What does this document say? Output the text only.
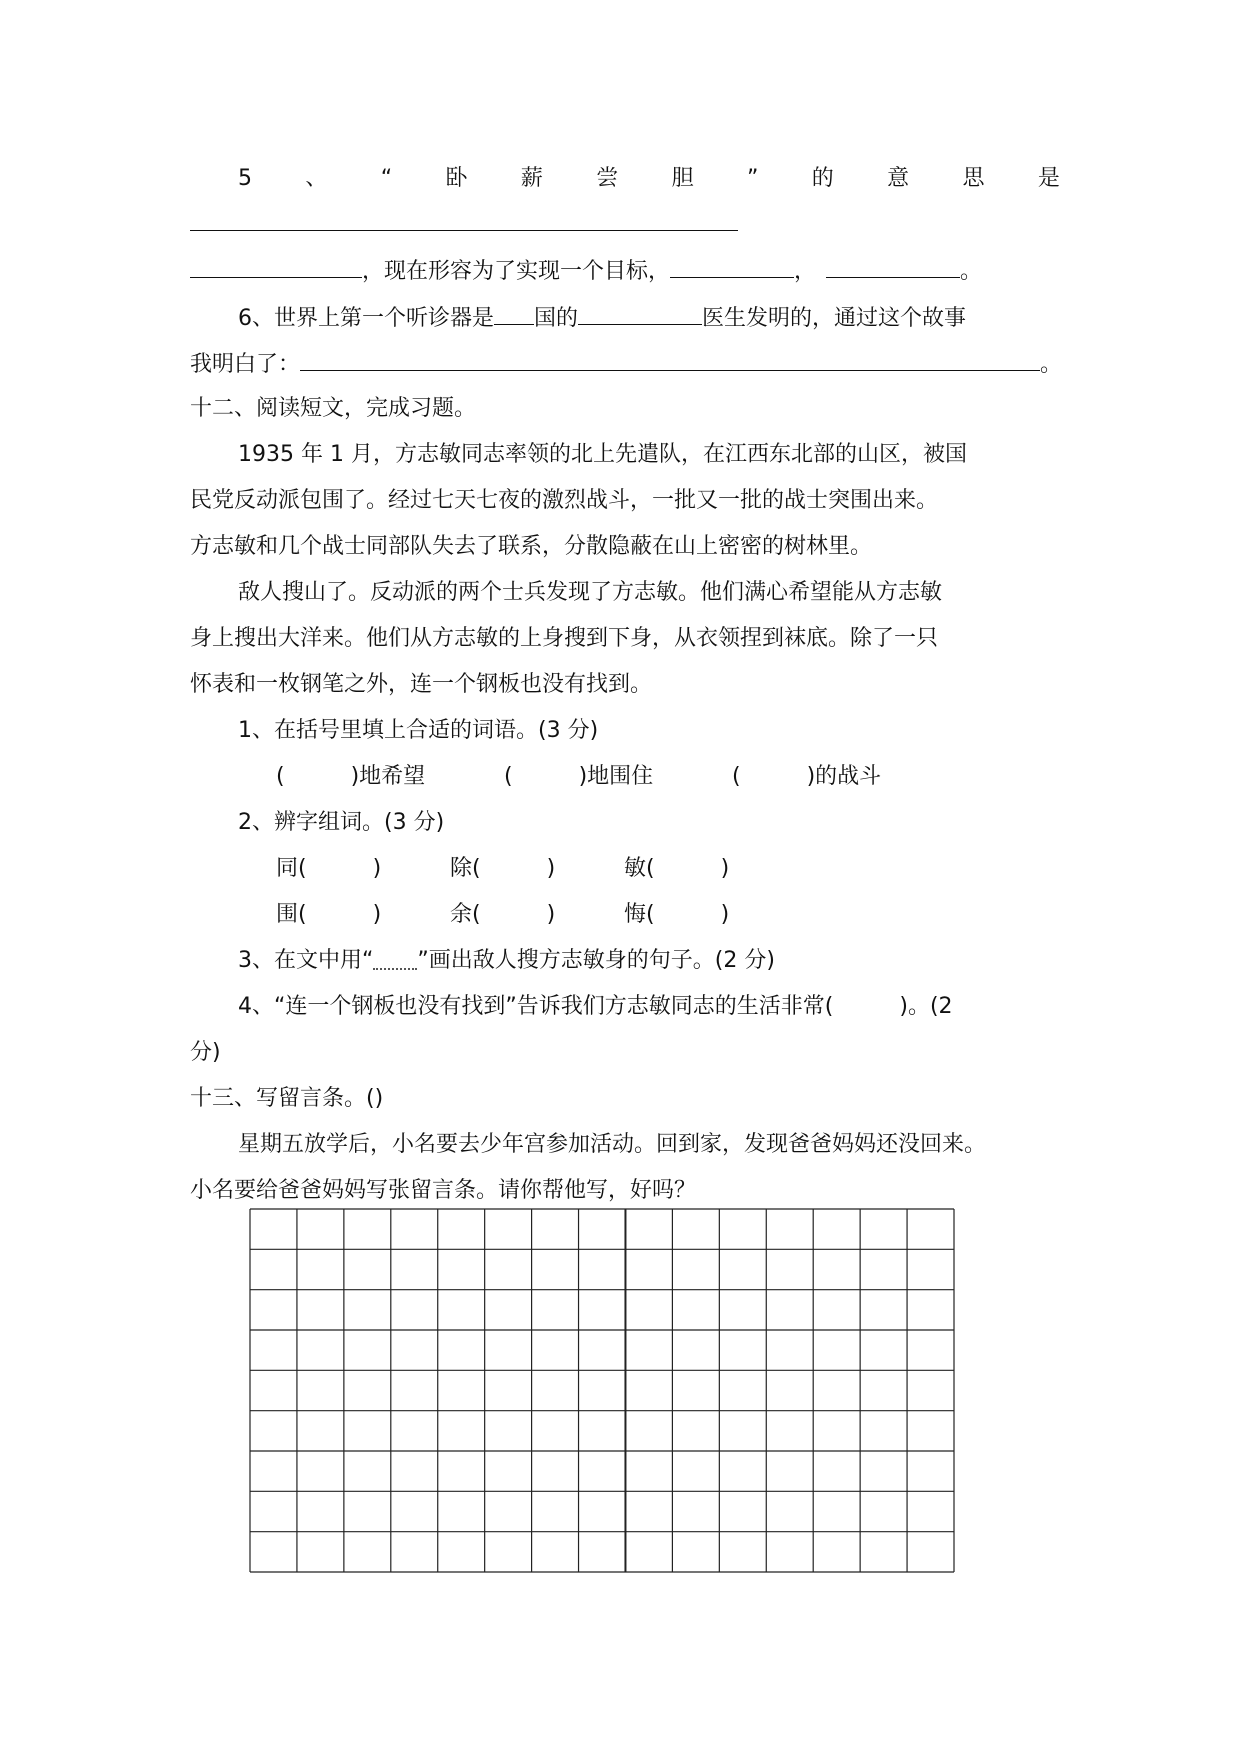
5 、 “ 卧 薪 尝 胆 ” 的 意 思 是
，现在形容为了实现一个目标，	，	。
6、世界上第一个听诊器是 国的	医生发明的，通过这个故事
我明白了：	。
十二、阅读短文，完成习题。
1935 年 1 月，方志敏同志率领的北上先遣队，在江西东北部的山区，被国
民党反动派包围了。经过七天七夜的激烈战斗，一批又一批的战士突围出来。
方志敏和几个战士同部队失去了联系，分散隐蔽在山上密密的树林里。
敌人搜山了。反动派的两个士兵发现了方志敏。他们满心希望能从方志敏
身上搜出大洋来。他们从方志敏的上身搜到下身，从衣领捏到袜底。除了一只
怀表和一枚钢笔之外，连一个钢板也没有找到。
1、在括号里填上合适的词语。(3 分)
(　　　)地希望	(　　　)地围住	(　　　)的战斗
2、辨字组词。(3 分)
同(　　　)	除(　　　)	敏(　　　)
围(　　　)	余(　　　)	悔(　　　)
3、在文中用“ ”画出敌人搜方志敏身的句子。(2 分)
4、“连一个钢板也没有找到”告诉我们方志敏同志的生活非常(　　　)。(2
分)
十三、写留言条。()
星期五放学后，小名要去少年宫参加活动。回到家，发现爸爸妈妈还没回来。
小名要给爸爸妈妈写张留言条。请你帮他写，好吗？
